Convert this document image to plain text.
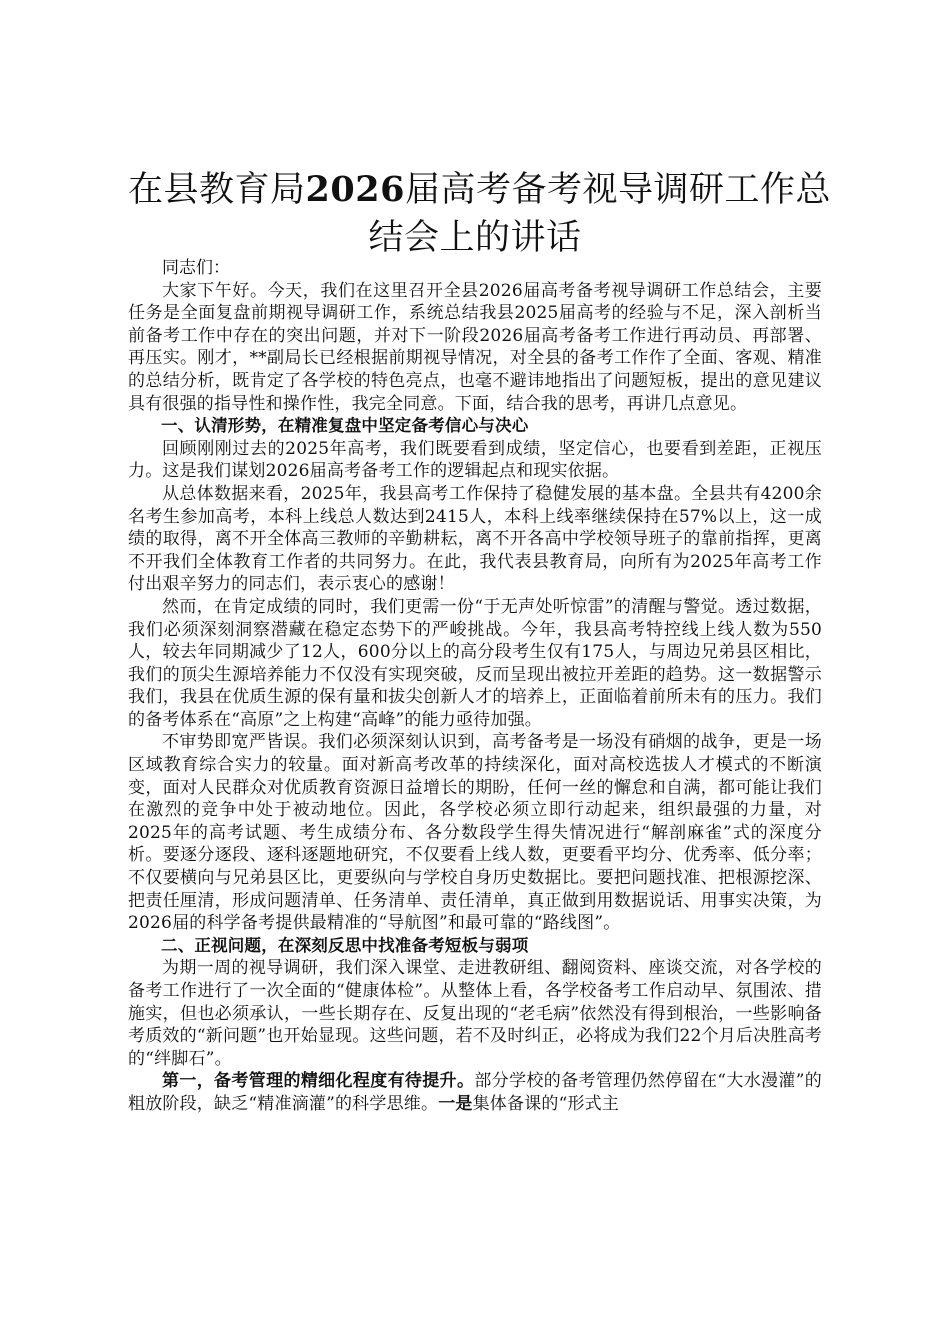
在县教育局2026届高考备考视导调研工作总
结会上的讲话

同志们：

大家下午好。今天，我们在这里召开全县2026届高考备考视导调研工作总结会，主要任务是全面复盘前期视导调研工作，系统总结我县2025届高考的经验与不足，深入剖析当前备考工作中存在的突出问题，并对下一阶段2026届高考备考工作进行再动员、再部署、再压实。刚才，**副局长已经根据前期视导情况，对全县的备考工作作了全面、客观、精准的总结分析，既肯定了各学校的特色亮点，也毫不避讳地指出了问题短板，提出的意见建议具有很强的指导性和操作性，我完全同意。下面，结合我的思考，再讲几点意见。

一、认清形势，在精准复盘中坚定备考信心与决心

回顾刚刚过去的2025年高考，我们既要看到成绩，坚定信心，也要看到差距，正视压力。这是我们谋划2026届高考备考工作的逻辑起点和现实依据。

从总体数据来看，2025年，我县高考工作保持了稳健发展的基本盘。全县共有4200余名考生参加高考，本科上线总人数达到2415人，本科上线率继续保持在57%以上，这一成绩的取得，离不开全体高三教师的辛勤耕耘，离不开各高中学校领导班子的靠前指挥，更离不开我们全体教育工作者的共同努力。在此，我代表县教育局，向所有为2025年高考工作付出艰辛努力的同志们，表示衷心的感谢！

然而，在肯定成绩的同时，我们更需一份“于无声处听惊雷”的清醒与警觉。透过数据，我们必须深刻洞察潜藏在稳定态势下的严峻挑战。今年，我县高考特控线上线人数为550人，较去年同期减少了12人，600分以上的高分段考生仅有175人，与周边兄弟县区相比，我们的顶尖生源培养能力不仅没有实现突破，反而呈现出被拉开差距的趋势。这一数据警示我们，我县在优质生源的保有量和拔尖创新人才的培养上，正面临着前所未有的压力。我们的备考体系在“高原”之上构建“高峰”的能力亟待加强。

不审势即宽严皆误。我们必须深刻认识到，高考备考是一场没有硝烟的战争，更是一场区域教育综合实力的较量。面对新高考改革的持续深化，面对高校选拔人才模式的不断演变，面对人民群众对优质教育资源日益增长的期盼，任何一丝的懈怠和自满，都可能让我们在激烈的竞争中处于被动地位。因此，各学校必须立即行动起来，组织最强的力量，对2025年的高考试题、考生成绩分布、各分数段学生得失情况进行“解剖麻雀”式的深度分析。要逐分逐段、逐科逐题地研究，不仅要看上线人数，更要看平均分、优秀率、低分率；不仅要横向与兄弟县区比，更要纵向与学校自身历史数据比。要把问题找准、把根源挖深、把责任厘清，形成问题清单、任务清单、责任清单，真正做到用数据说话、用事实决策，为2026届的科学备考提供最精准的“导航图”和最可靠的“路线图”。

二、正视问题，在深刻反思中找准备考短板与弱项

为期一周的视导调研，我们深入课堂、走进教研组、翻阅资料、座谈交流，对各学校的备考工作进行了一次全面的“健康体检”。从整体上看，各学校备考工作启动早、氛围浓、措施实，但也必须承认，一些长期存在、反复出现的“老毛病”依然没有得到根治，一些影响备考质效的“新问题”也开始显现。这些问题，若不及时纠正，必将成为我们22个月后决胜高考的“绊脚石”。

第一，备考管理的精细化程度有待提升。部分学校的备考管理仍然停留在“大水漫灌”的粗放阶段，缺乏“精准滴灌”的科学思维。一是集体备课的“形式主
